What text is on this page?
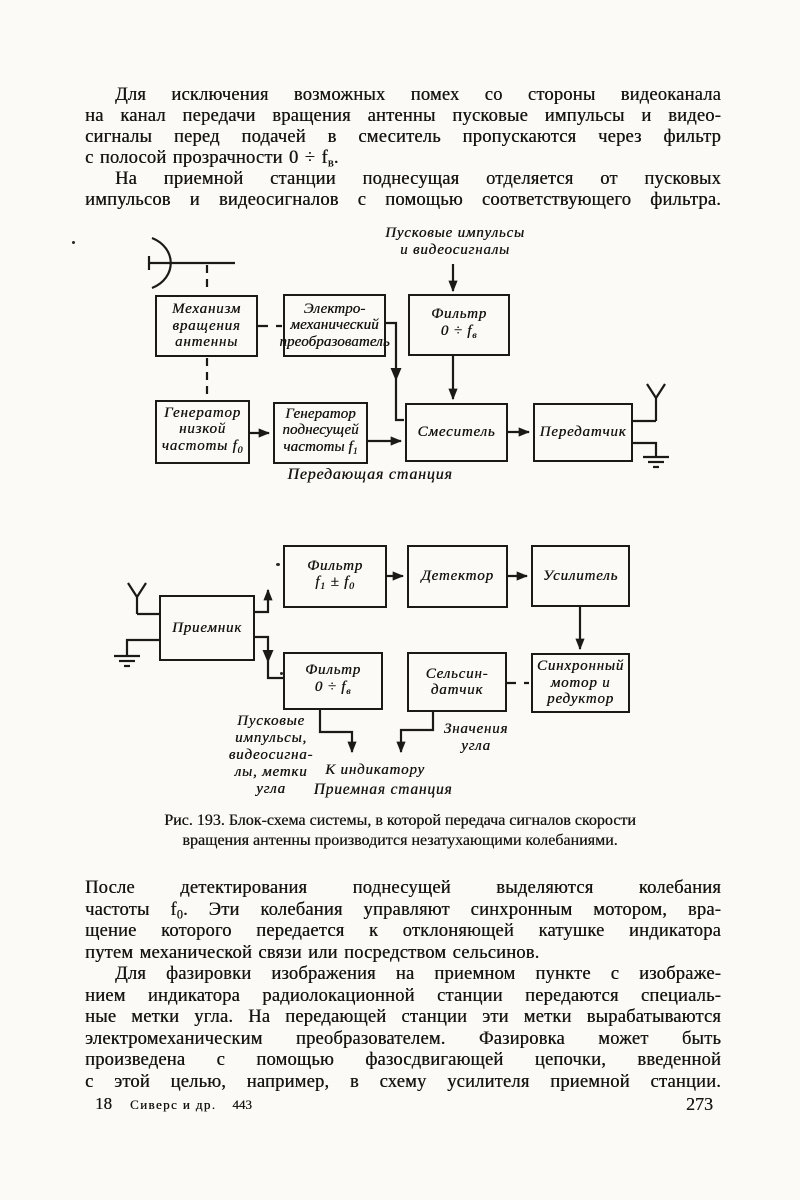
Для исключения возможных помех со стороны видеоканала
на канал передачи вращения антенны пусковые импульсы и видео-
сигналы перед подачей в смеситель пропускаются через фильтр
с полосой прозрачности 0 ÷ fв.
На приемной станции поднесущая отделяется от пусковых
импульсов и видеосигналов с помощью соответствующего фильтра.
Пусковые импульсы
и видеосигналы
Механизм
вращения
антенны
Электро-
механический
преобразователь
Фильтр
0 ÷ fв
Генератор
низкой
частоты f0
Генератор
поднесущей
частоты f1
Смеситель	Передатчик
Передающая станция
Фильтр
f1 ± f0
Детектор	Усилитель
Приемник
Фильтр
0 ÷ fв
Сельсин-
датчик
Синхронный
мотор и
редуктор
Пусковые
импульсы,
видеосигна-
лы, метки
угла
К индикатору
Приемная станция
Значения
угла
Рис. 193. Блок-схема системы, в которой передача сигналов скорости
вращения антенны производится незатухающими колебаниями.
После детектирования поднесущей выделяются колебания
частоты f0. Эти колебания управляют синхронным мотором, вра-
щение которого передается к отклоняющей катушке индикатора
путем механической связи или посредством сельсинов.
Для фазировки изображения на приемном пункте с изображе-
нием индикатора радиолокационной станции передаются специаль-
ные метки угла. На передающей станции эти метки вырабатываются
электромеханическим преобразователем. Фазировка может быть
произведена с помощью фазосдвигающей цепочки, введенной
с этой целью, например, в схему усилителя приемной станции.
18 Сиверс и др. 443	273
